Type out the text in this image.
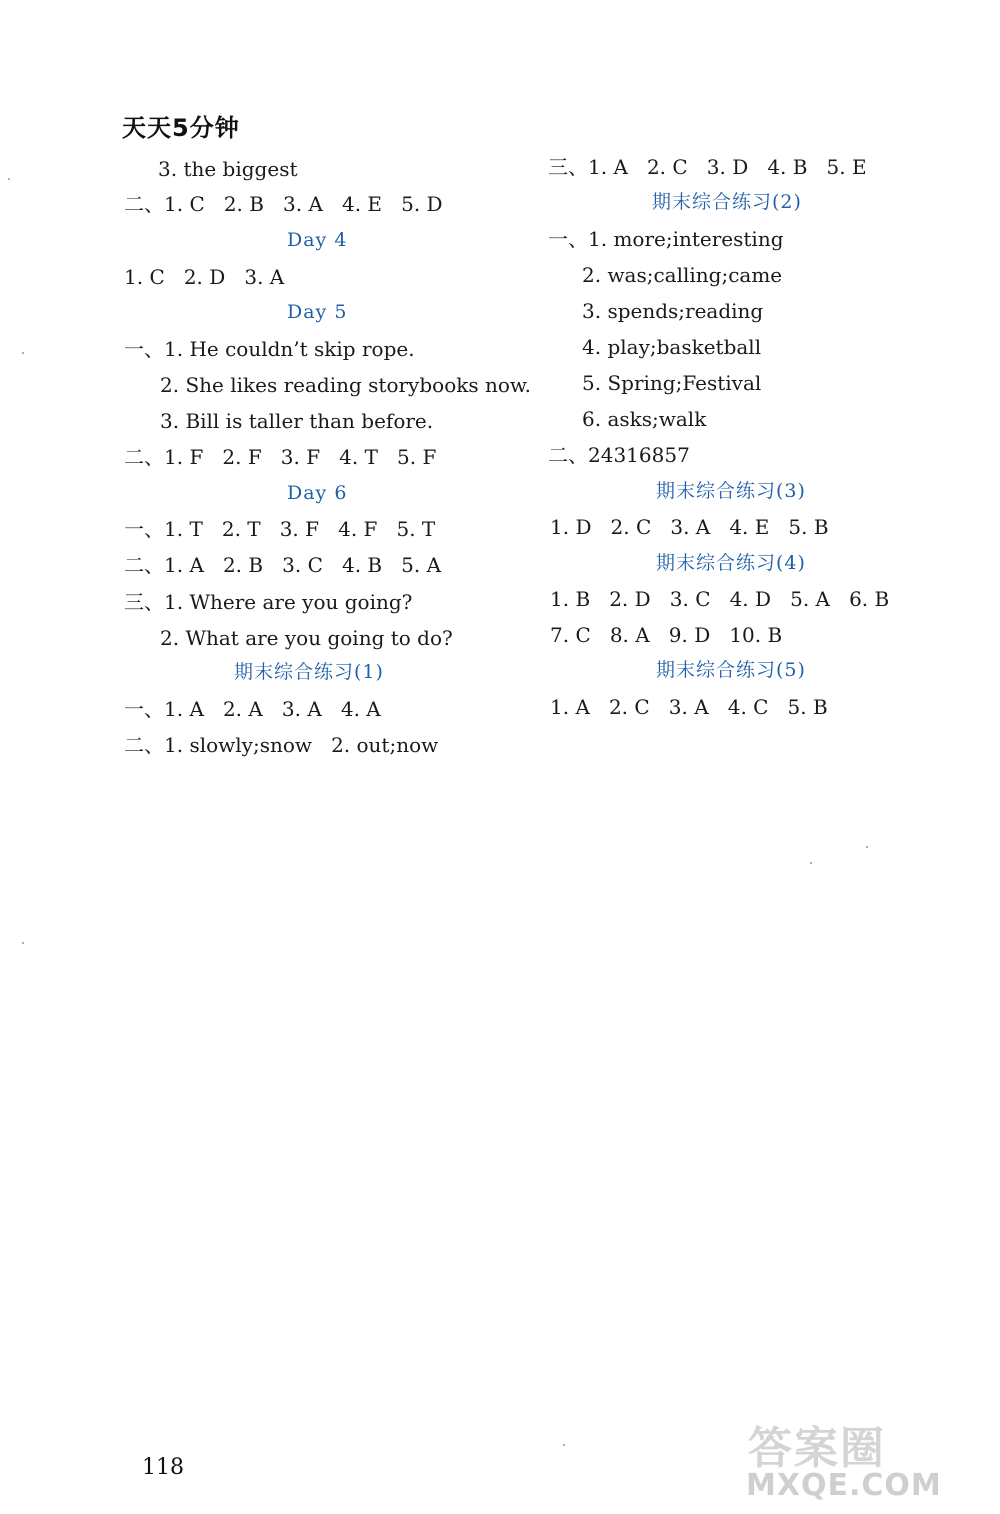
天天5分钟
3. the biggest
二、1. C   2. B   3. A   4. E   5. D
Day 4
1. C   2. D   3. A
Day 5
一、1. He couldn’t skip rope.
2. She likes reading storybooks now.
3. Bill is taller than before.
二、1. F   2. F   3. F   4. T   5. F
Day 6
一、1. T   2. T   3. F   4. F   5. T
二、1. A   2. B   3. C   4. B   5. A
三、1. Where are you going?
2. What are you going to do?
期末综合练习(1)
一、1. A   2. A   3. A   4. A
二、1. slowly;snow   2. out;now
三、1. A   2. C   3. D   4. B   5. E
期末综合练习(2)
一、1. more;interesting
2. was;calling;came
3. spends;reading
4. play;basketball
5. Spring;Festival
6. asks;walk
二、24316857
期末综合练习(3)
1. D   2. C   3. A   4. E   5. B
期末综合练习(4)
1. B   2. D   3. C   4. D   5. A   6. B
7. C   8. A   9. D   10. B
期末综合练习(5)
1. A   2. C   3. A   4. C   5. B
118	答案圈
MXQE.COM
